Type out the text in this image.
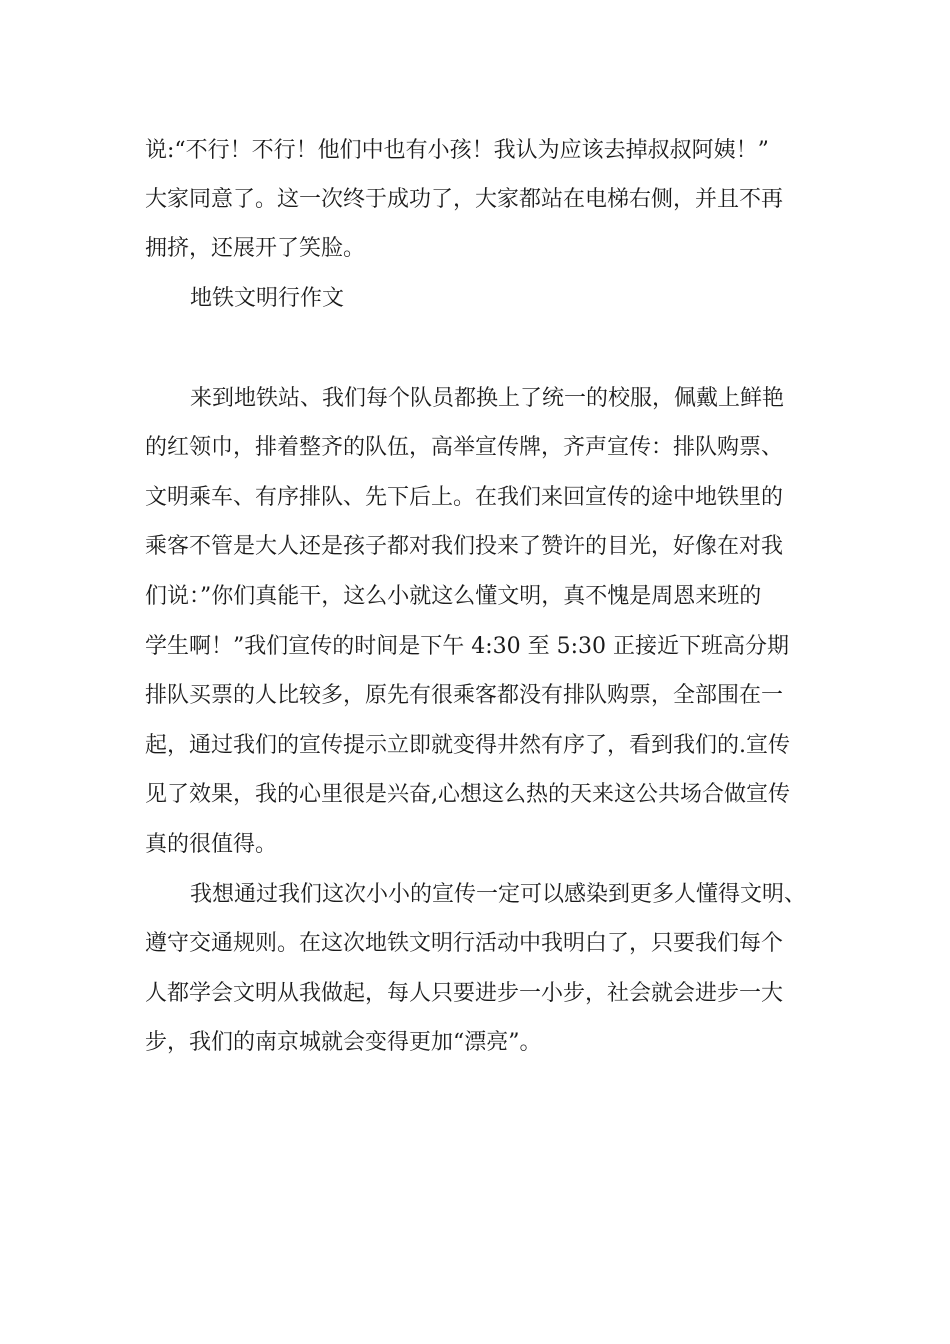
说:“不行！不行！他们中也有小孩！我认为应该去掉叔叔阿姨！”
大家同意了。这一次终于成功了，大家都站在电梯右侧，并且不再
拥挤，还展开了笑脸。
地铁文明行作文
来到地铁站、我们每个队员都换上了统一的校服，佩戴上鲜艳
的红领巾，排着整齐的队伍，高举宣传牌，齐声宣传：排队购票、
文明乘车、有序排队、先下后上。在我们来回宣传的途中地铁里的
乘客不管是大人还是孩子都对我们投来了赞许的目光，好像在对我
们说：”你们真能干，这么小就这么懂文明，真不愧是周恩来班的
学生啊！”我们宣传的时间是下午 4:30 至 5:30 正接近下班高分期
排队买票的人比较多，原先有很乘客都没有排队购票，全部围在一
起，通过我们的宣传提示立即就变得井然有序了，看到我们的.宣传
见了效果，我的心里很是兴奋,心想这么热的天来这公共场合做宣传
真的很值得。
我想通过我们这次小小的宣传一定可以感染到更多人懂得文明、
遵守交通规则。在这次地铁文明行活动中我明白了，只要我们每个
人都学会文明从我做起，每人只要进步一小步，社会就会进步一大
步，我们的南京城就会变得更加“漂亮”。
